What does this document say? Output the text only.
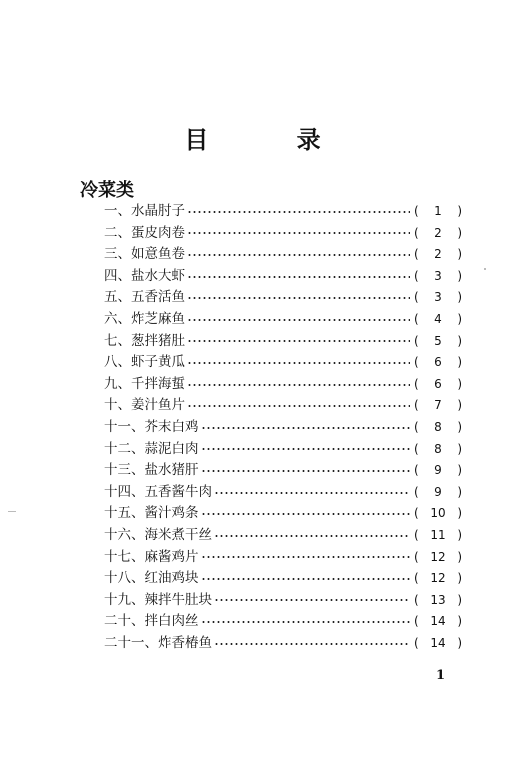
目 录
冷菜类
一、 水晶肘子	(	1	)
二、 蛋皮肉卷	(	2	)
三、 如意鱼卷	(	2	)
四、 盐水大虾	(	3	)
五、 五香活鱼	(	3	)
六、 炸芝麻鱼	(	4	)
七、 葱拌猪肚	(	5	)
八、 虾子黄瓜	(	6	)
九、 千拌海蜇	(	6	)
十、 姜汁鱼片	(	7	)
十一、 芥末白鸡	(	8	)
十二、 蒜泥白肉	(	8	)
十三、 盐水猪肝	(	9	)
十四、 五香酱牛肉	(	9	)
十五、 酱汁鸡条	( 10 )
十六、 海米煮干丝	( 11 )
十七、 麻酱鸡片	( 12 )
十八、 红油鸡块	( 12 )
十九、 辣拌牛肚块	( 13 )
二十、 拌白肉丝	( 14 )
二十一、 炸香椿鱼	( 14 )
1
